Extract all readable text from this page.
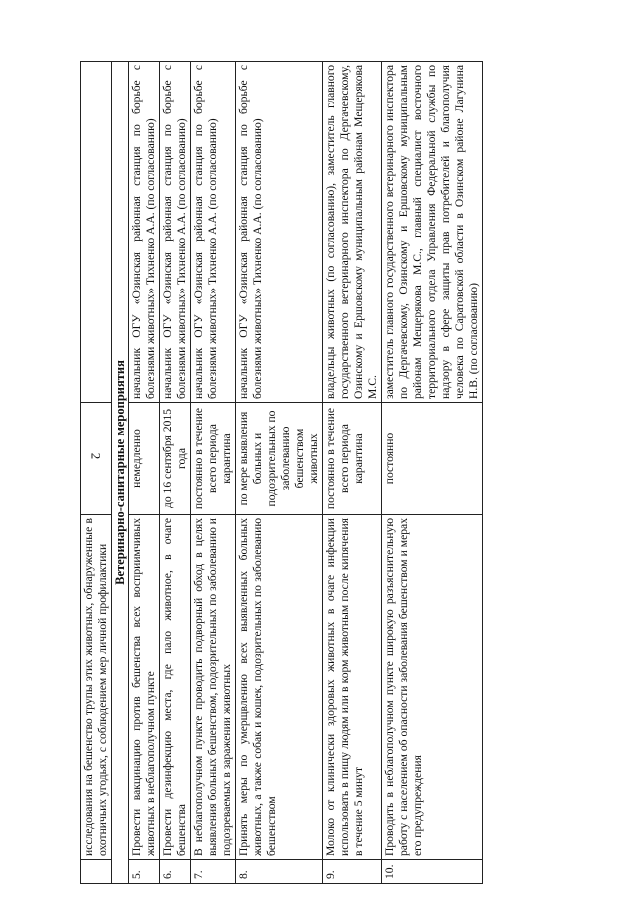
2
	исследования на бешенство трупы этих животных, обнаруженные в охотничьих угодьях, с соблюдением мер личной профилактики		
Ветеринарно-санитарные мероприятия			
5.	Провести вакцинацию против бешенства всех восприимчивых животных в неблагополучном пункте	немедленно	начальник ОГУ «Озинская районная станция по борьбе с болезнями животных» Тихненко А.А. (по согласованию)
6.	Провести дезинфекцию места, где пало животное, в очаге бешенства	до 16 сентября 2015 года	начальник ОГУ «Озинская районная станция по борьбе с болезнями животных» Тихненко А.А. (по согласованию)
7.	В неблагополучном пункте проводить подворный обход в целях выявления больных бешенством, подозрительных по заболеванию и подозреваемых в заражении животных	постоянно в течение всего периода карантина	начальник ОГУ «Озинская районная станция по борьбе с болезнями животных» Тихненко А.А. (по согласованию)
8.	Принять меры по умерщвлению всех выявленных больных животных, а также собак и кошек, подозрительных по заболеванию бешенством	по мере выявления больных и подозрительных по заболеванию бешенством животных	начальник ОГУ «Озинская районная станция по борьбе с болезнями животных» Тихненко А.А. (по согласованию)
9.	Молоко от клинически здоровых животных в очаге инфекции использовать в пищу людям или в корм животным после кипячения в течение 5 минут	постоянно в течение всего периода карантина	владельцы животных (по согласованию), заместитель главного государственного ветеринарного инспектора по Дергачевскому, Озинскому и Ершовскому муниципальным районам Мещерякова М.С.
10.	Проводить в неблагополучном пункте широкую разъяснительную работу с населением об опасности заболевания бешенством и мерах его предупреждения	постоянно	заместитель главного государственного ветеринарного инспектора по Дергачевскому, Озинскому и Ершовскому муниципальным районам Мещерякова М.С., главный специалист восточного территориального отдела Управления Федеральной службы по надзору в сфере защиты прав потребителей и благополучия человека по Саратовской области в Озинском районе Лагунина Н.В. (по согласованию)
